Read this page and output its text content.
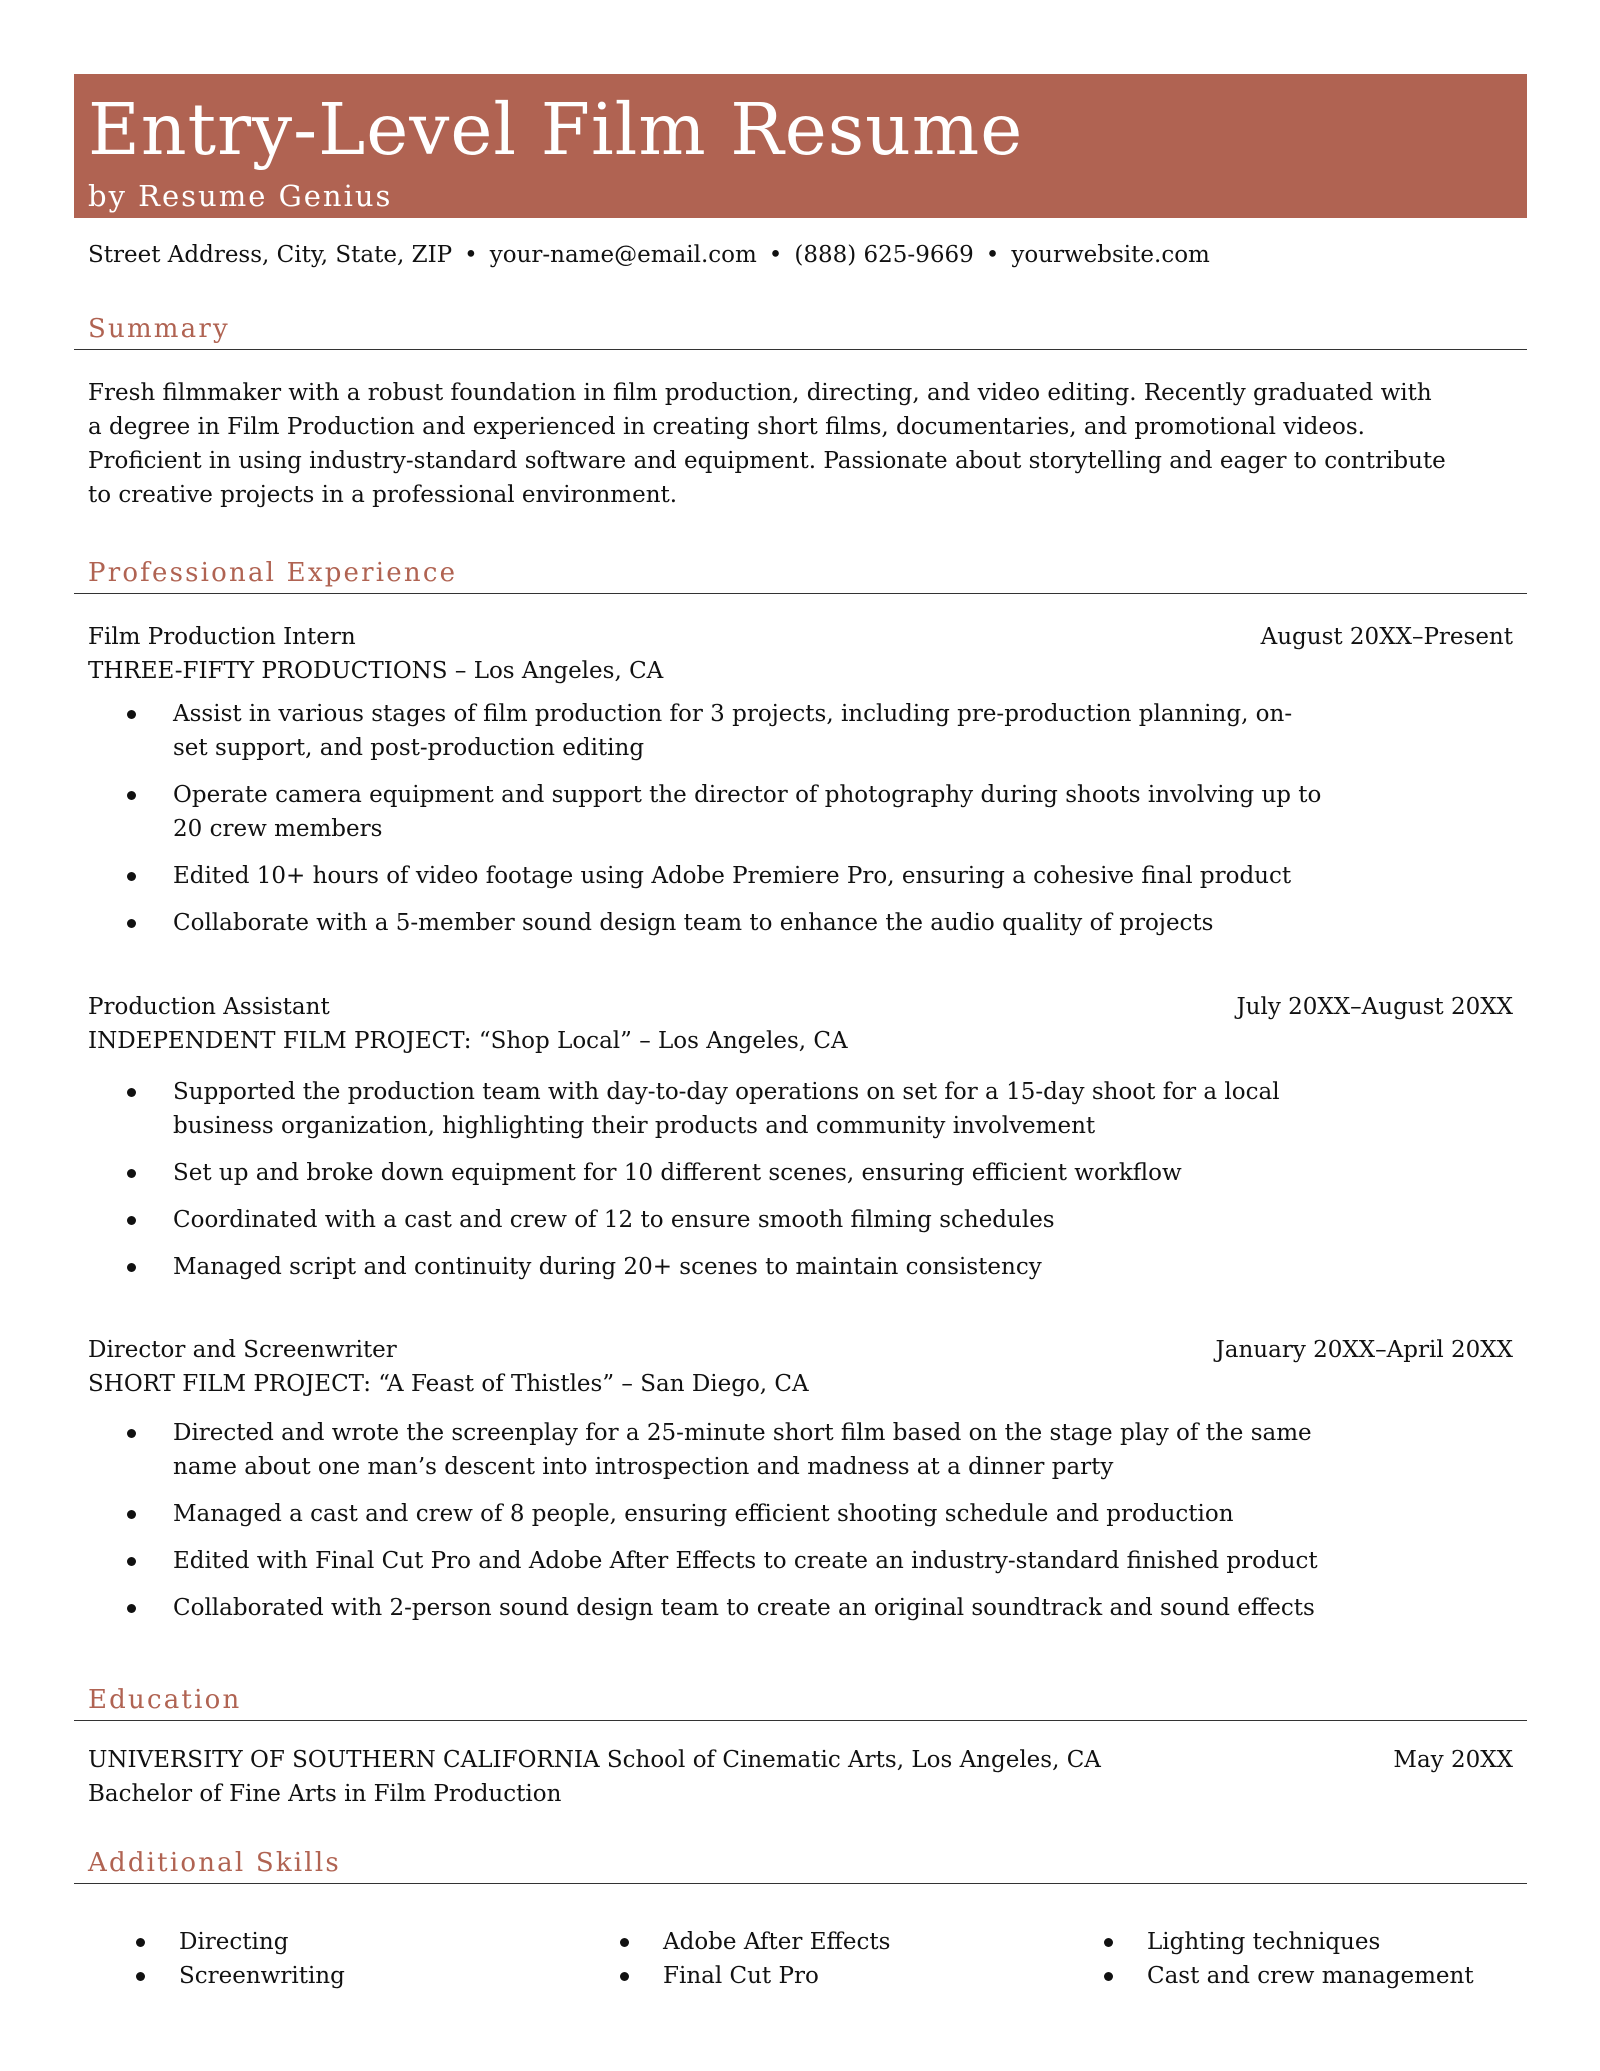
Entry-Level Film Resume
by Resume Genius
Street Address, City, State, ZIP • your-name@email.com • (888) 625-9669 • yourwebsite.com
Summary
Fresh filmmaker with a robust foundation in film production, directing, and video editing. Recently graduated with
a degree in Film Production and experienced in creating short films, documentaries, and promotional videos.
Proficient in using industry-standard software and equipment. Passionate about storytelling and eager to contribute
to creative projects in a professional environment.
Professional Experience
Film Production Intern	August 20XX–Present
THREE-FIFTY PRODUCTIONS – Los Angeles, CA
Assist in various stages of film production for 3 projects, including pre-production planning, on-
set support, and post-production editing
Operate camera equipment and support the director of photography during shoots involving up to
20 crew members
Edited 10+ hours of video footage using Adobe Premiere Pro, ensuring a cohesive final product
Collaborate with a 5-member sound design team to enhance the audio quality of projects
Production Assistant	July 20XX–August 20XX
INDEPENDENT FILM PROJECT: “Shop Local” – Los Angeles, CA
Supported the production team with day-to-day operations on set for a 15-day shoot for a local
business organization, highlighting their products and community involvement
Set up and broke down equipment for 10 different scenes, ensuring efficient workflow
Coordinated with a cast and crew of 12 to ensure smooth filming schedules
Managed script and continuity during 20+ scenes to maintain consistency
Director and Screenwriter	January 20XX–April 20XX
SHORT FILM PROJECT: “A Feast of Thistles” – San Diego, CA
Directed and wrote the screenplay for a 25-minute short film based on the stage play of the same
name about one man’s descent into introspection and madness at a dinner party
Managed a cast and crew of 8 people, ensuring efficient shooting schedule and production
Edited with Final Cut Pro and Adobe After Effects to create an industry-standard finished product
Collaborated with 2-person sound design team to create an original soundtrack and sound effects
Education
UNIVERSITY OF SOUTHERN CALIFORNIA School of Cinematic Arts, Los Angeles, CA	May 20XX
Bachelor of Fine Arts in Film Production
Additional Skills
Directing
Screenwriting
Adobe After Effects
Final Cut Pro
Lighting techniques
Cast and crew management
